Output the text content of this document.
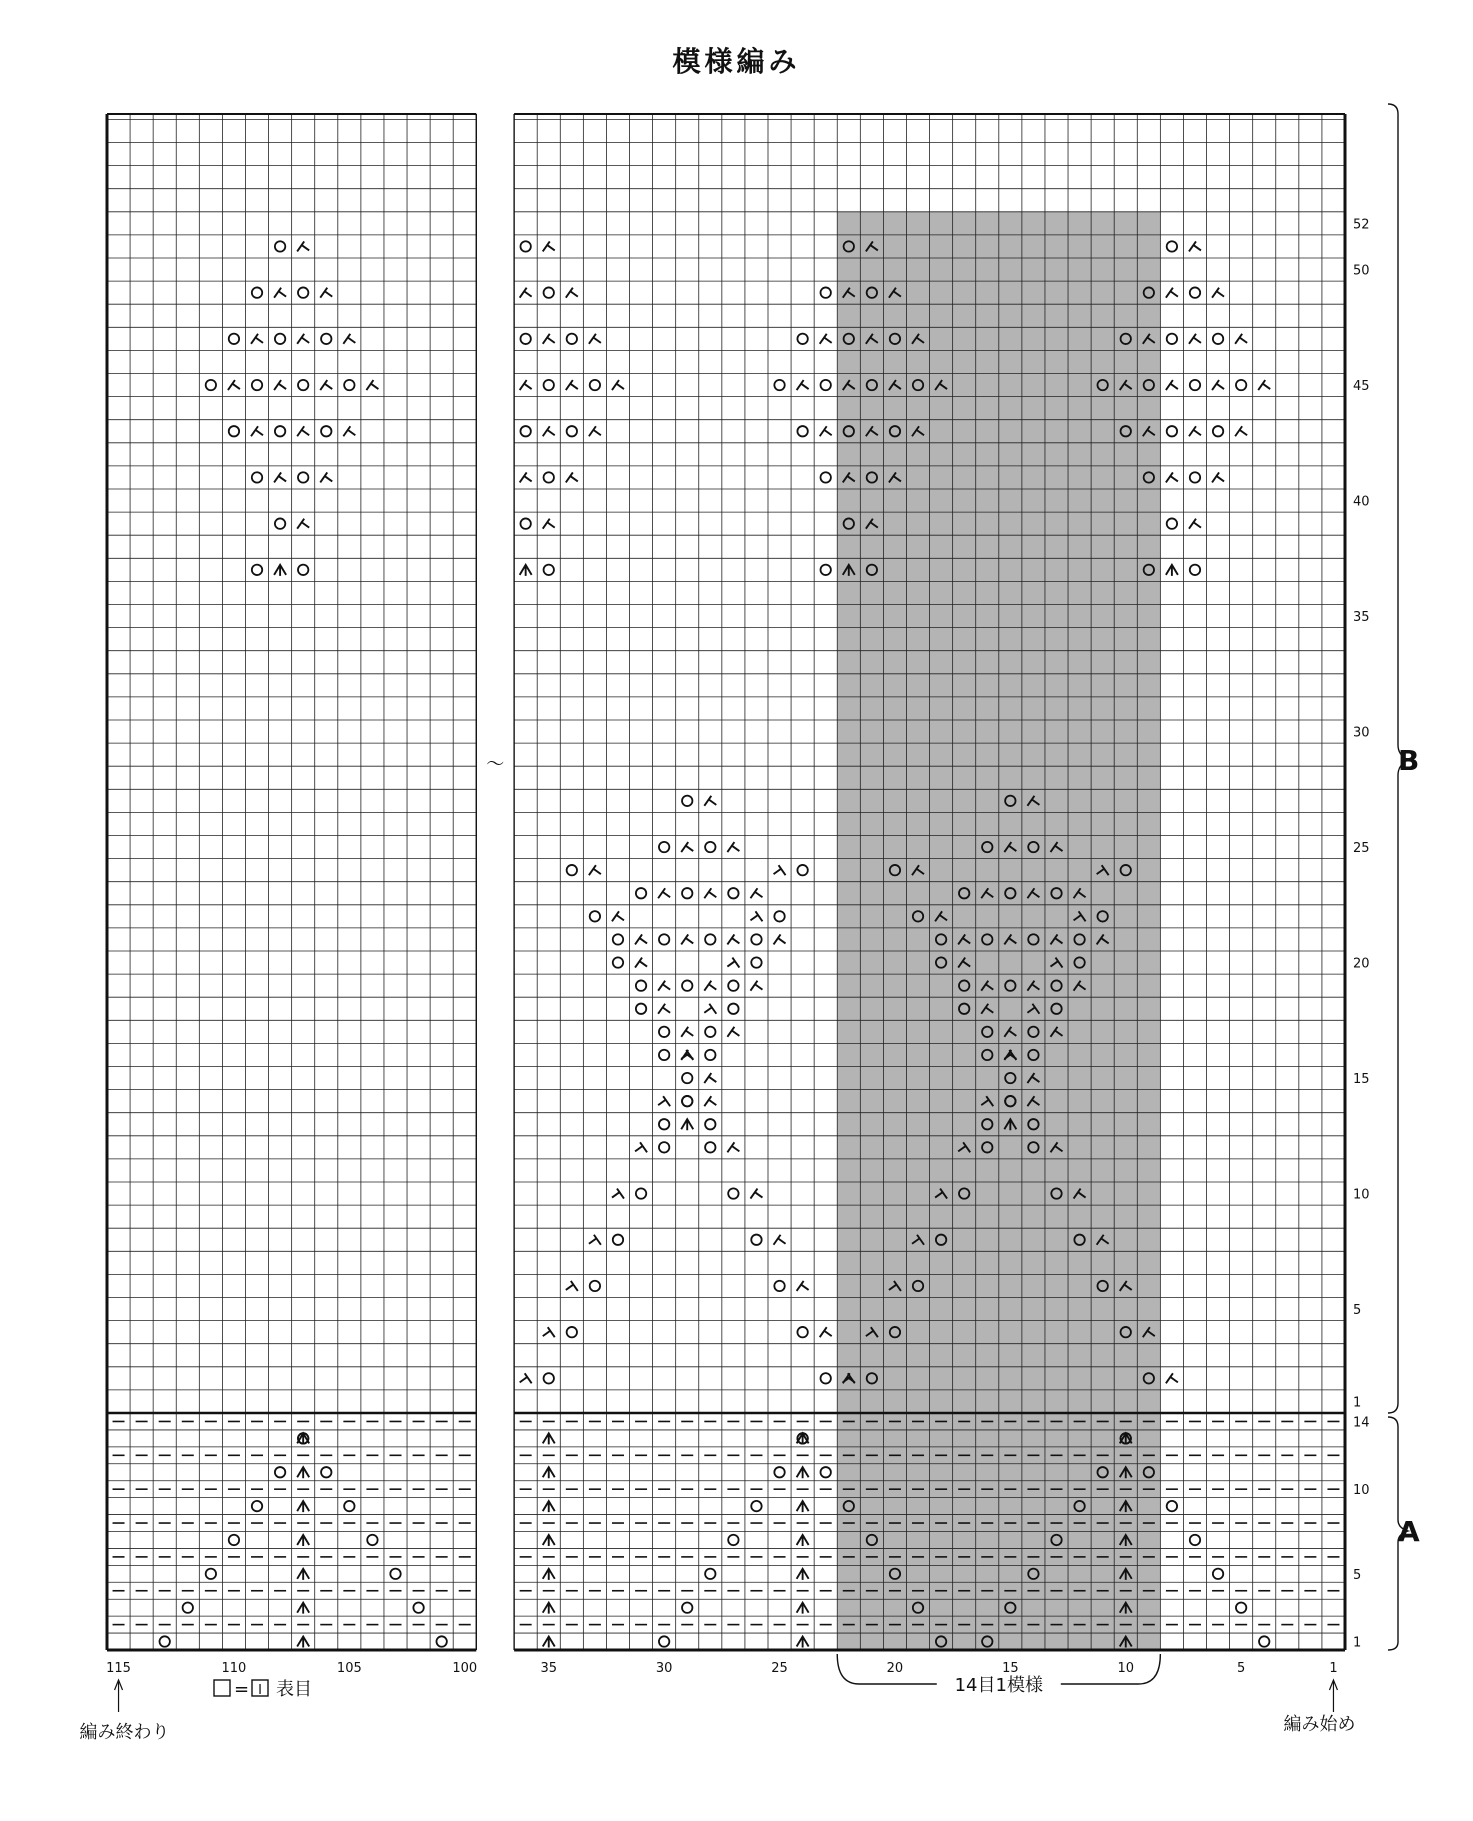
模様編み
～
1
5
10
15
20
25
30
35
40
45
50
52
1
5
10
14
B
A
115	110	105	100	35	30	25	20	15	10	5	1
14目1模様
編み終わり	編み始め
= Ⅰ 表目
